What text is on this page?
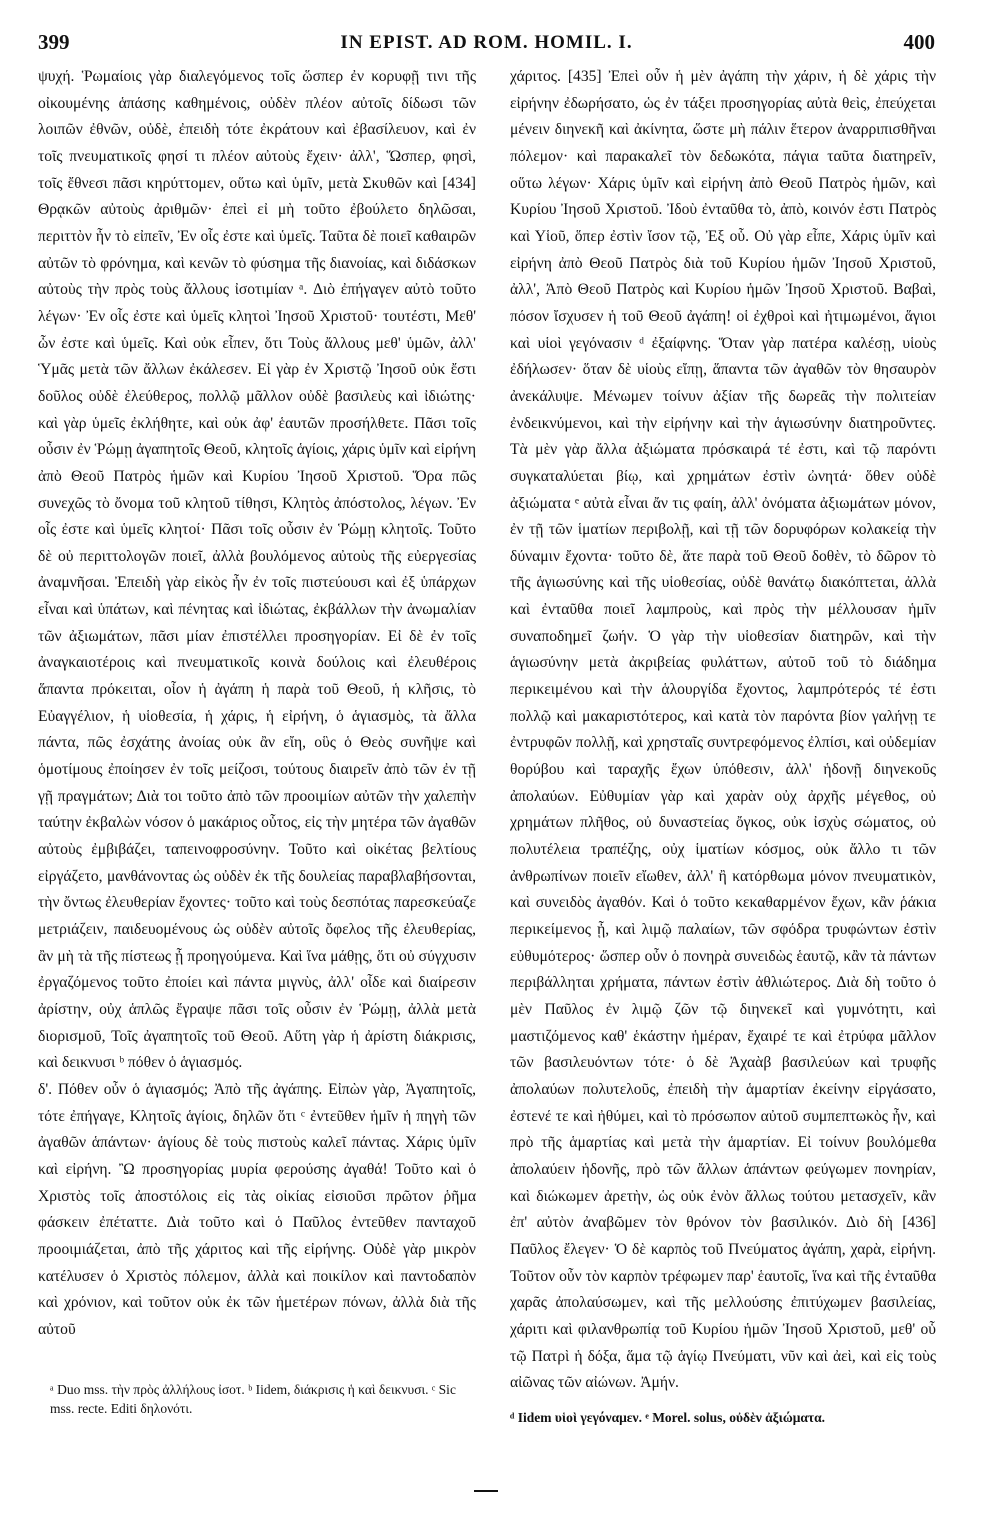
399	IN EPIST. AD ROM. HOMIL. I.	400

ψυχή. Ῥωμαίοις γὰρ διαλεγόμενος τοῖς ὥσπερ ἐν κορυφῇ τινι τῆς οἰκουμένης ἁπάσης καθημένοις, οὐδὲν πλέον αὐτοῖς δίδωσι τῶν λοιπῶν ἐθνῶν, οὐδὲ, ἐπειδὴ τότε ἐκράτουν καὶ ἐβασίλευον, καὶ ἐν τοῖς πνευματικοῖς φησί τι πλέον αὐτοὺς ἔχειν· ἀλλ', Ὥσπερ, φησὶ, τοῖς ἔθνεσι πᾶσι κηρύττομεν, οὕτω καὶ ὑμῖν, μετὰ Σκυθῶν καὶ [434] Θρᾳκῶν αὐτοὺς ἀριθμῶν· ἐπεὶ εἰ μὴ τοῦτο ἐβούλετο δηλῶσαι, περιττὸν ἦν τὸ εἰπεῖν, Ἐν οἷς ἐστε καὶ ὑμεῖς. Ταῦτα δὲ ποιεῖ καθαιρῶν αὐτῶν τὸ φρόνημα, καὶ κενῶν τὸ φύσημα τῆς διανοίας, καὶ διδάσκων αὐτοὺς τὴν πρὸς τοὺς ἄλλους ἰσοτιμίαν ᵃ. Διὸ ἐπήγαγεν αὐτὸ τοῦτο λέγων· Ἐν οἷς ἐστε καὶ ὑμεῖς κλητοὶ Ἰησοῦ Χριστοῦ· τουτέστι, Μεθ' ὧν ἐστε καὶ ὑμεῖς. Καὶ οὐκ εἶπεν, ὅτι Τοὺς ἄλλους μεθ' ὑμῶν, ἀλλ' Ὑμᾶς μετὰ τῶν ἄλλων ἐκάλεσεν. Εἰ γὰρ ἐν Χριστῷ Ἰησοῦ οὐκ ἔστι δοῦλος οὐδὲ ἐλεύθερος, πολλῷ μᾶλλον οὐδὲ βασιλεὺς καὶ ἰδιώτης· καὶ γὰρ ὑμεῖς ἐκλήθητε, καὶ οὐκ ἀφ' ἑαυτῶν προσήλθετε. Πᾶσι τοῖς οὖσιν ἐν Ῥώμῃ ἀγαπητοῖς Θεοῦ, κλητοῖς ἁγίοις, χάρις ὑμῖν καὶ εἰρήνη ἀπὸ Θεοῦ Πατρὸς ἡμῶν καὶ Κυρίου Ἰησοῦ Χριστοῦ. Ὅρα πῶς συνεχῶς τὸ ὄνομα τοῦ κλητοῦ τίθησι, Κλητὸς ἀπόστολος, λέγων. Ἐν οἷς ἐστε καὶ ὑμεῖς κλητοί· Πᾶσι τοῖς οὖσιν ἐν Ῥώμῃ κλητοῖς. Τοῦτο δὲ οὐ περιττολογῶν ποιεῖ, ἀλλὰ βουλόμενος αὐτοὺς τῆς εὐεργεσίας ἀναμνῆσαι. Ἐπειδὴ γὰρ εἰκὸς ἦν ἐν τοῖς πιστεύουσι καὶ ἐξ ὑπάρχων εἶναι καὶ ὑπάτων, καὶ πένητας καὶ ἰδιώτας, ἐκβάλλων τὴν ἀνωμαλίαν τῶν ἀξιωμάτων, πᾶσι μίαν ἐπιστέλλει προσηγορίαν. Εἰ δὲ ἐν τοῖς ἀναγκαιοτέροις καὶ πνευματικοῖς κοινὰ δούλοις καὶ ἐλευθέροις ἅπαντα πρόκειται, οἷον ἡ ἀγάπη ἡ παρὰ τοῦ Θεοῦ, ἡ κλῆσις, τὸ Εὐαγγέλιον, ἡ υἱοθεσία, ἡ χάρις, ἡ εἰρήνη, ὁ ἁγιασμὸς, τὰ ἄλλα πάντα, πῶς ἐσχάτης ἀνοίας οὐκ ἂν εἴη, οὓς ὁ Θεὸς συνῆψε καὶ ὁμοτίμους ἐποίησεν ἐν τοῖς μείζοσι, τούτους διαιρεῖν ἀπὸ τῶν ἐν τῇ γῇ πραγμάτων; Διὰ τοι τοῦτο ἀπὸ τῶν προοιμίων αὐτῶν τὴν χαλεπὴν ταύτην ἐκβαλὼν νόσον ὁ μακάριος οὗτος, εἰς τὴν μητέρα τῶν ἀγαθῶν αὐτοὺς ἐμβιβάζει, ταπεινοφροσύνην. Τοῦτο καὶ οἰκέτας βελτίους εἰργάζετο, μανθάνοντας ὡς οὐδὲν ἐκ τῆς δουλείας παραβλαβήσονται, τὴν ὄντως ἐλευθερίαν ἔχοντες· τοῦτο καὶ τοὺς δεσπότας παρεσκεύαζε μετριάζειν, παιδευομένους ὡς οὐδὲν αὐτοῖς ὄφελος τῆς ἐλευθερίας, ἂν μὴ τὰ τῆς πίστεως ᾖ προηγούμενα. Καὶ ἵνα μάθῃς, ὅτι οὐ σύγχυσιν ἐργαζόμενος τοῦτο ἐποίει καὶ πάντα μιγνὺς, ἀλλ' οἶδε καὶ διαίρεσιν ἀρίστην, οὐχ ἁπλῶς ἔγραψε πᾶσι τοῖς οὖσιν ἐν Ῥώμῃ, ἀλλὰ μετὰ διορισμοῦ, Τοῖς ἀγαπητοῖς τοῦ Θεοῦ. Αὕτη γὰρ ἡ ἀρίστη διάκρισις, καὶ δεικνυσι ᵇ πόθεν ὁ ἁγιασμός.

δ'. Πόθεν οὖν ὁ ἁγιασμός; Ἀπὸ τῆς ἀγάπης. Εἰπὼν γὰρ, Ἀγαπητοῖς, τότε ἐπήγαγε, Κλητοῖς ἁγίοις, δηλῶν ὅτι ᶜ ἐντεῦθεν ἡμῖν ἡ πηγὴ τῶν ἀγαθῶν ἁπάντων· ἁγίους δὲ τοὺς πιστοὺς καλεῖ πάντας. Χάρις ὑμῖν καὶ εἰρήνη. Ὢ προσηγορίας μυρία φερούσης ἀγαθά! Τοῦτο καὶ ὁ Χριστὸς τοῖς ἀποστόλοις εἰς τὰς οἰκίας εἰσιοῦσι πρῶτον ῥῆμα φάσκειν ἐπέταττε. Διὰ τοῦτο καὶ ὁ Παῦλος ἐντεῦθεν πανταχοῦ προοιμιάζεται, ἀπὸ τῆς χάριτος καὶ τῆς εἰρήνης. Οὐδὲ γὰρ μικρὸν κατέλυσεν ὁ Χριστὸς πόλεμον, ἀλλὰ καὶ ποικίλον καὶ παντοδαπὸν καὶ χρόνιον, καὶ τοῦτον οὐκ ἐκ τῶν ἡμετέρων πόνων, ἀλλὰ διὰ τῆς αὐτοῦ

χάριτος. [435] Ἐπεὶ οὖν ἡ μὲν ἀγάπη τὴν χάριν, ἡ δὲ χάρις τὴν εἰρήνην ἐδωρήσατο, ὡς ἐν τάξει προσηγορίας αὐτὰ θεὶς, ἐπεύχεται μένειν διηνεκῆ καὶ ἀκίνητα, ὥστε μὴ πάλιν ἕτερον ἀναρριπισθῆναι πόλεμον· καὶ παρακαλεῖ τὸν δεδωκότα, πάγια ταῦτα διατηρεῖν, οὕτω λέγων· Χάρις ὑμῖν καὶ εἰρήνη ἀπὸ Θεοῦ Πατρὸς ἡμῶν, καὶ Κυρίου Ἰησοῦ Χριστοῦ. Ἰδοὺ ἐνταῦθα τὸ, ἀπὸ, κοινόν ἐστι Πατρὸς καὶ Υἱοῦ, ὅπερ ἐστὶν ἴσον τῷ, Ἐξ οὗ. Οὐ γὰρ εἶπε, Χάρις ὑμῖν καὶ εἰρήνη ἀπὸ Θεοῦ Πατρὸς διὰ τοῦ Κυρίου ἡμῶν Ἰησοῦ Χριστοῦ, ἀλλ', Ἀπὸ Θεοῦ Πατρὸς καὶ Κυρίου ἡμῶν Ἰησοῦ Χριστοῦ. Βαβαὶ, πόσον ἴσχυσεν ἡ τοῦ Θεοῦ ἀγάπη! οἱ ἐχθροὶ καὶ ἠτιμωμένοι, ἅγιοι καὶ υἱοὶ γεγόνασιν ᵈ ἐξαίφνης. Ὅταν γὰρ πατέρα καλέσῃ, υἱοὺς ἐδήλωσεν· ὅταν δὲ υἱοὺς εἴπῃ, ἅπαντα τῶν ἀγαθῶν τὸν θησαυρὸν ἀνεκάλυψε. Μένωμεν τοίνυν ἀξίαν τῆς δωρεᾶς τὴν πολιτείαν ἐνδεικνύμενοι, καὶ τὴν εἰρήνην καὶ τὴν ἁγιωσύνην διατηροῦντες. Τὰ μὲν γὰρ ἄλλα ἀξιώματα πρόσκαιρά τέ ἐστι, καὶ τῷ παρόντι συγκαταλύεται βίῳ, καὶ χρημάτων ἐστὶν ὠνητά· ὅθεν οὐδὲ ἀξιώματα ᵉ αὐτὰ εἶναι ἄν τις φαίη, ἀλλ' ὀνόματα ἀξιωμάτων μόνον, ἐν τῇ τῶν ἱματίων περιβολῇ, καὶ τῇ τῶν δορυφόρων κολακείᾳ τὴν δύναμιν ἔχοντα· τοῦτο δὲ, ἅτε παρὰ τοῦ Θεοῦ δοθὲν, τὸ δῶρον τὸ τῆς ἁγιωσύνης καὶ τῆς υἱοθεσίας, οὐδὲ θανάτῳ διακόπτεται, ἀλλὰ καὶ ἐνταῦθα ποιεῖ λαμπροὺς, καὶ πρὸς τὴν μέλλουσαν ἡμῖν συναποδημεῖ ζωήν. Ὁ γὰρ τὴν υἱοθεσίαν διατηρῶν, καὶ τὴν ἁγιωσύνην μετὰ ἀκριβείας φυλάττων, αὐτοῦ τοῦ τὸ διάδημα περικειμένου καὶ τὴν ἁλουργίδα ἔχοντος, λαμπρότερός τέ ἐστι πολλῷ καὶ μακαριστότερος, καὶ κατὰ τὸν παρόντα βίον γαλήνῃ τε ἐντρυφῶν πολλῇ, καὶ χρησταῖς συντρεφόμενος ἐλπίσι, καὶ οὐδεμίαν θορύβου καὶ ταραχῆς ἔχων ὑπόθεσιν, ἀλλ' ἡδονῇ διηνεκοῦς ἀπολαύων. Εὐθυμίαν γὰρ καὶ χαρὰν οὐχ ἀρχῆς μέγεθος, οὐ χρημάτων πλῆθος, οὐ δυναστείας ὄγκος, οὐκ ἰσχὺς σώματος, οὐ πολυτέλεια τραπέζης, οὐχ ἱματίων κόσμος, οὐκ ἄλλο τι τῶν ἀνθρωπίνων ποιεῖν εἴωθεν, ἀλλ' ἢ κατόρθωμα μόνον πνευματικὸν, καὶ συνειδὸς ἀγαθόν. Καὶ ὁ τοῦτο κεκαθαρμένον ἔχων, κἂν ῥάκια περικείμενος ᾖ, καὶ λιμῷ παλαίων, τῶν σφόδρα τρυφώντων ἐστὶν εὐθυμότερος· ὥσπερ οὖν ὁ πονηρὰ συνειδὼς ἑαυτῷ, κἂν τὰ πάντων περιβάλληται χρήματα, πάντων ἐστὶν ἀθλιώτερος. Διὰ δὴ τοῦτο ὁ μὲν Παῦλος ἐν λιμῷ ζῶν τῷ διηνεκεῖ καὶ γυμνότητι, καὶ μαστιζόμενος καθ' ἑκάστην ἡμέραν, ἔχαιρέ τε καὶ ἐτρύφα μᾶλλον τῶν βασιλευόντων τότε· ὁ δὲ Ἀχαὰβ βασιλεύων καὶ τρυφῆς ἀπολαύων πολυτελοῦς, ἐπειδὴ τὴν ἁμαρτίαν ἐκείνην εἰργάσατο, ἐστενέ τε καὶ ἠθύμει, καὶ τὸ πρόσωπον αὐτοῦ συμπεπτωκὸς ἦν, καὶ πρὸ τῆς ἁμαρτίας καὶ μετὰ τὴν ἁμαρτίαν. Εἰ τοίνυν βουλόμεθα ἀπολαύειν ἡδονῆς, πρὸ τῶν ἄλλων ἁπάντων φεύγωμεν πονηρίαν, καὶ διώκωμεν ἀρετὴν, ὡς οὐκ ἐνὸν ἄλλως τούτου μετασχεῖν, κἂν ἐπ' αὐτὸν ἀναβῶμεν τὸν θρόνον τὸν βασιλικόν. Διὸ δὴ [436] Παῦλος ἔλεγεν· Ὁ δὲ καρπὸς τοῦ Πνεύματος ἀγάπη, χαρὰ, εἰρήνη. Τοῦτον οὖν τὸν καρπὸν τρέφωμεν παρ' ἑαυτοῖς, ἵνα καὶ τῆς ἐνταῦθα χαρᾶς ἀπολαύσωμεν, καὶ τῆς μελλούσης ἐπιτύχωμεν βασιλείας, χάριτι καὶ φιλανθρωπίᾳ τοῦ Κυρίου ἡμῶν Ἰησοῦ Χριστοῦ, μεθ' οὗ τῷ Πατρὶ ἡ δόξα, ἅμα τῷ ἁγίῳ Πνεύματι, νῦν καὶ ἀεὶ, καὶ εἰς τοὺς αἰῶνας τῶν αἰώνων. Ἀμήν.

ᵃ Duo mss. τὴν πρὸς ἀλλήλους ἰσοτ. ᵇ Iidem, διάκρισις ἡ καὶ δεικνυσι. ᶜ Sic mss. recte. Editi δηλονότι.
ᵈ Iidem υἱοὶ γεγόναμεν. ᵉ Morel. solus, οὐδὲν ἀξιώματα.
